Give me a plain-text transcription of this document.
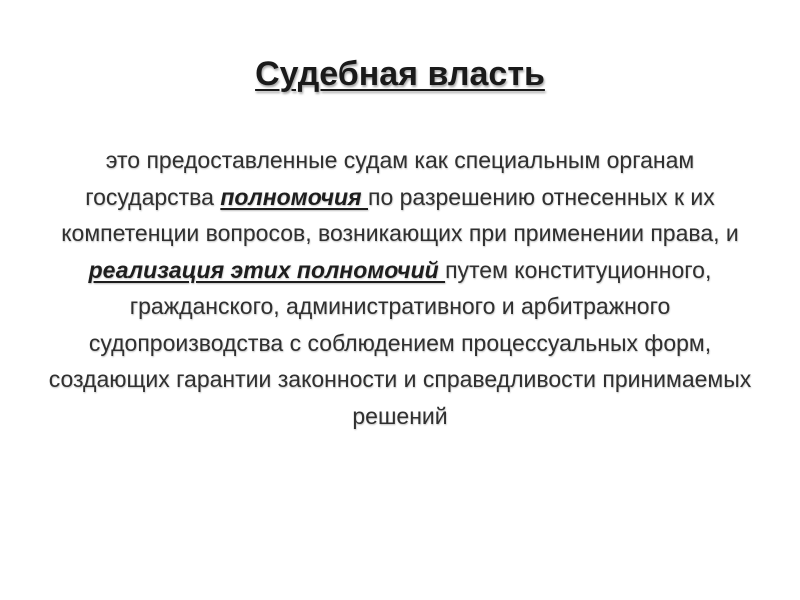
Судебная власть
это предоставленные судам как специальным органам государства полномочия по разрешению отнесенных к их компетенции вопросов, возникающих при применении права, и реализация этих полномочий путем конституционного, гражданского, административного и арбитражного судопроизводства с соблюдением процессуальных форм, создающих гарантии законности и справедливости принимаемых решений
